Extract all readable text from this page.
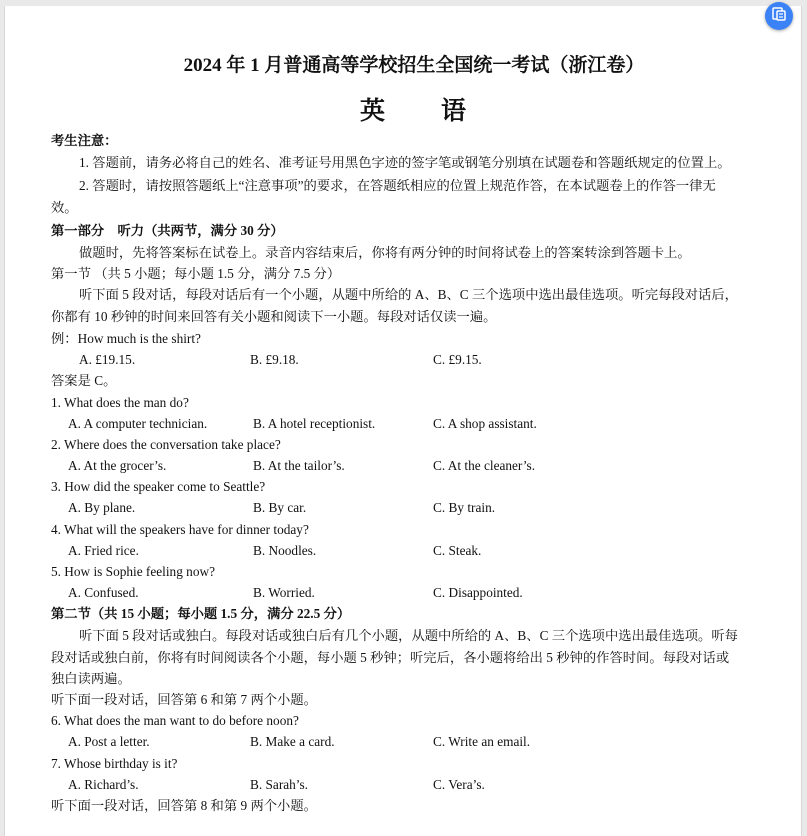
2024 年 1 月普通高等学校招生全国统一考试（浙江卷）
英　　语
考生注意：
1. 答题前，请务必将自己的姓名、准考证号用黑色字迹的签字笔或钢笔分别填在试题卷和答题纸规定的位置上。
2. 答题时，请按照答题纸上“注意事项”的要求，在答题纸相应的位置上规范作答，在本试题卷上的作答一律无
效。
第一部分　听力（共两节，满分 30 分）
做题时，先将答案标在试卷上。录音内容结束后，你将有两分钟的时间将试卷上的答案转涂到答题卡上。
第一节 （共 5 小题；每小题 1.5 分，满分 7.5 分）
听下面 5 段对话，每段对话后有一个小题，从题中所给的 A、B、C 三个选项中选出最佳选项。听完每段对话后，
你都有 10 秒钟的时间来回答有关小题和阅读下一小题。每段对话仅读一遍。
例：How much is the shirt?
A. £19.15.	B. £9.18.	C. £9.15.
答案是 C。
1. What does the man do?
A. A computer technician.	B. A hotel receptionist.	C. A shop assistant.
2. Where does the conversation take place?
A. At the grocer’s.	B. At the tailor’s.	C. At the cleaner’s.
3. How did the speaker come to Seattle?
A. By plane.	B. By car.	C. By train.
4. What will the speakers have for dinner today?
A. Fried rice.	B. Noodles.	C. Steak.
5. How is Sophie feeling now?
A. Confused.	B. Worried.	C. Disappointed.
第二节（共 15 小题；每小题 1.5 分，满分 22.5 分）
听下面 5 段对话或独白。每段对话或独白后有几个小题，从题中所给的 A、B、C 三个选项中选出最佳选项。听每
段对话或独白前，你将有时间阅读各个小题，每小题 5 秒钟；听完后，各小题将给出 5 秒钟的作答时间。每段对话或
独白读两遍。
听下面一段对话，回答第 6 和第 7 两个小题。
6. What does the man want to do before noon?
A. Post a letter.	B. Make a card.	C. Write an email.
7. Whose birthday is it?
A. Richard’s.	B. Sarah’s.	C. Vera’s.
听下面一段对话，回答第 8 和第 9 两个小题。
